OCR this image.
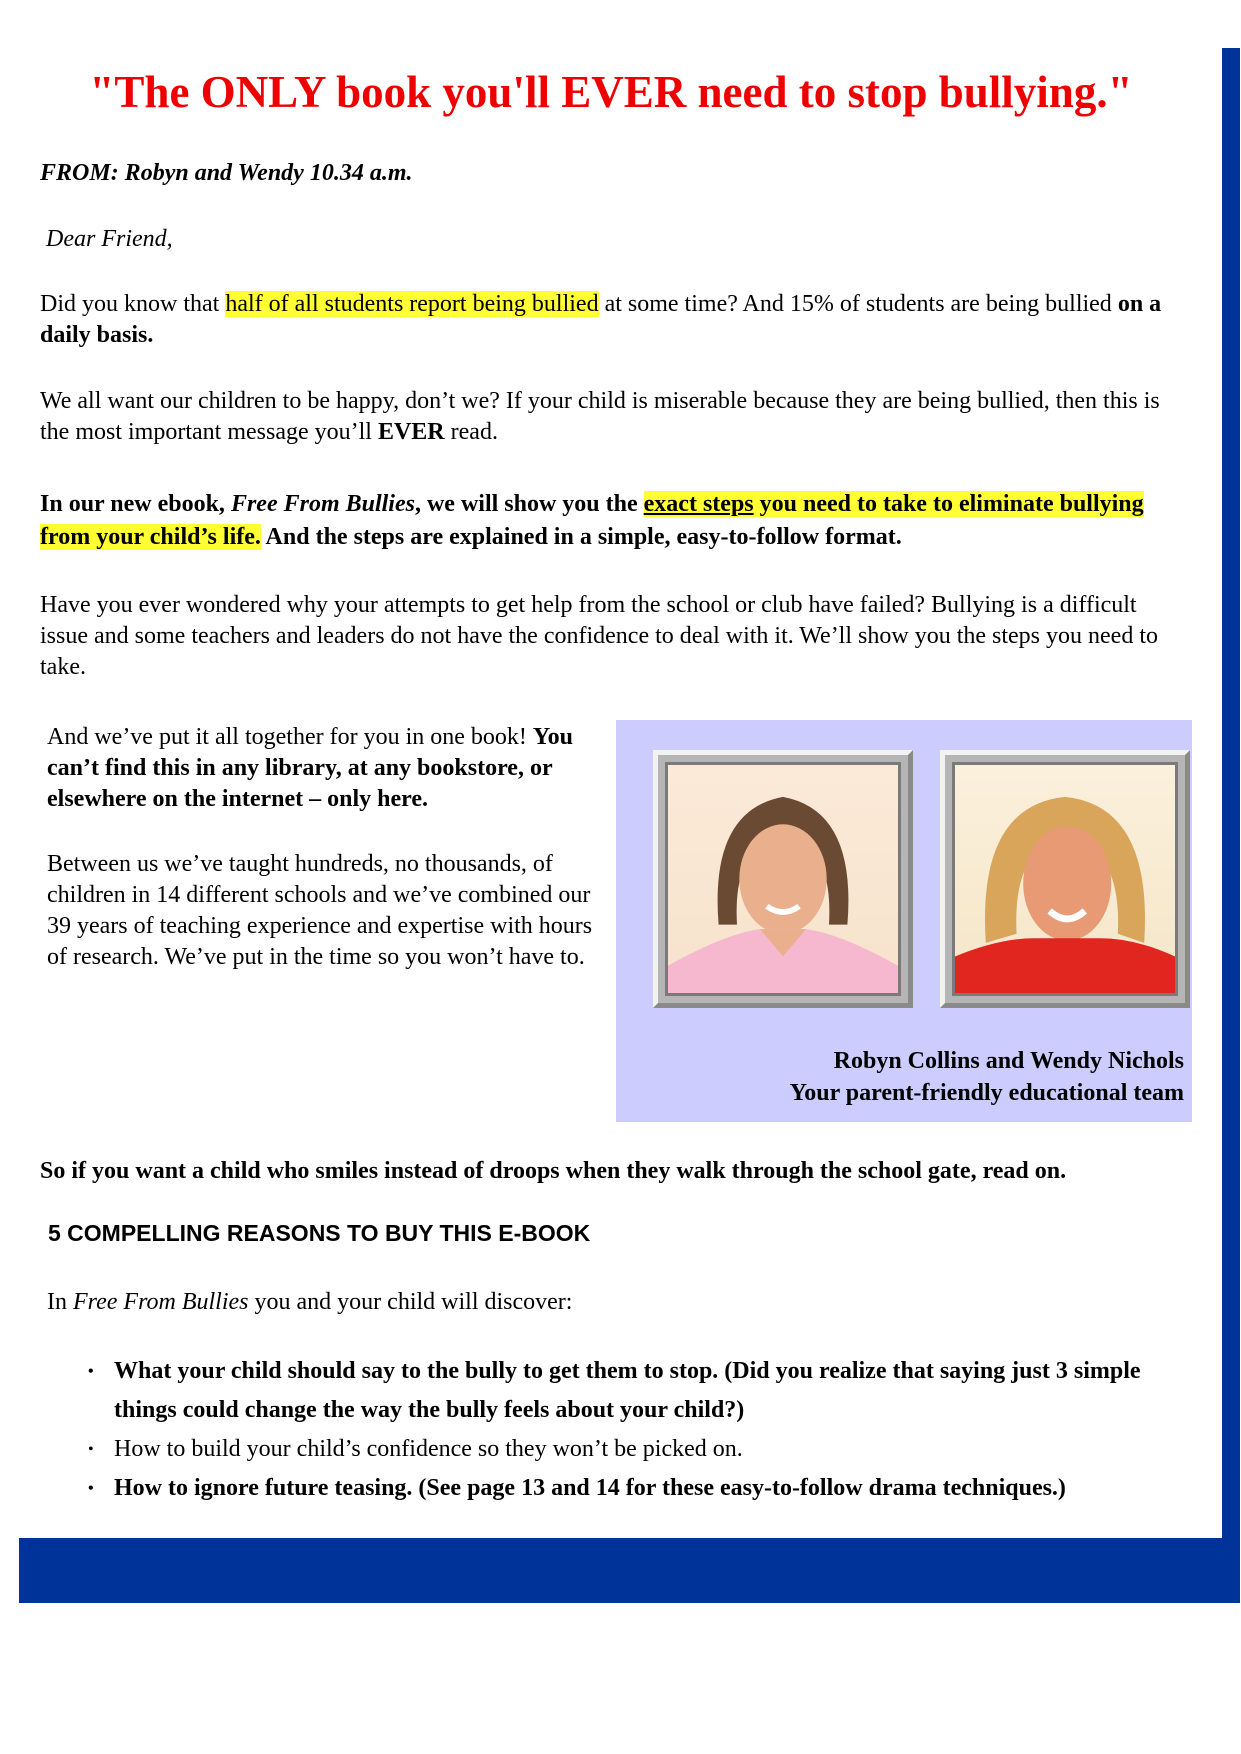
"The ONLY book you'll EVER need to stop bullying."

FROM: Robyn and Wendy 10.34 a.m.

Dear Friend,

Did you know that half of all students report being bullied at some time? And 15% of students are being bullied on a daily basis.

We all want our children to be happy, don’t we? If your child is miserable because they are being bullied, then this is the most important message you’ll EVER read.

In our new ebook, Free From Bullies, we will show you the exact steps you need to take to eliminate bullying from your child’s life. And the steps are explained in a simple, easy-to-follow format.

Have you ever wondered why your attempts to get help from the school or club have failed? Bullying is a difficult issue and some teachers and leaders do not have the confidence to deal with it. We’ll show you the steps you need to take.

And we’ve put it all together for you in one book! You can’t find this in any library, at any bookstore, or elsewhere on the internet – only here.

Between us we’ve taught hundreds, no thousands, of children in 14 different schools and we’ve combined our 39 years of teaching experience and expertise with hours of research. We’ve put in the time so you won’t have to.

Robyn Collins and Wendy Nichols
Your parent-friendly educational team

So if you want a child who smiles instead of droops when they walk through the school gate, read on.

5 COMPELLING REASONS TO BUY THIS E-BOOK

In Free From Bullies you and your child will discover:

• What your child should say to the bully to get them to stop. (Did you realize that saying just 3 simple things could change the way the bully feels about your child?)
• How to build your child’s confidence so they won’t be picked on.
• How to ignore future teasing. (See page 13 and 14 for these easy-to-follow drama techniques.)
